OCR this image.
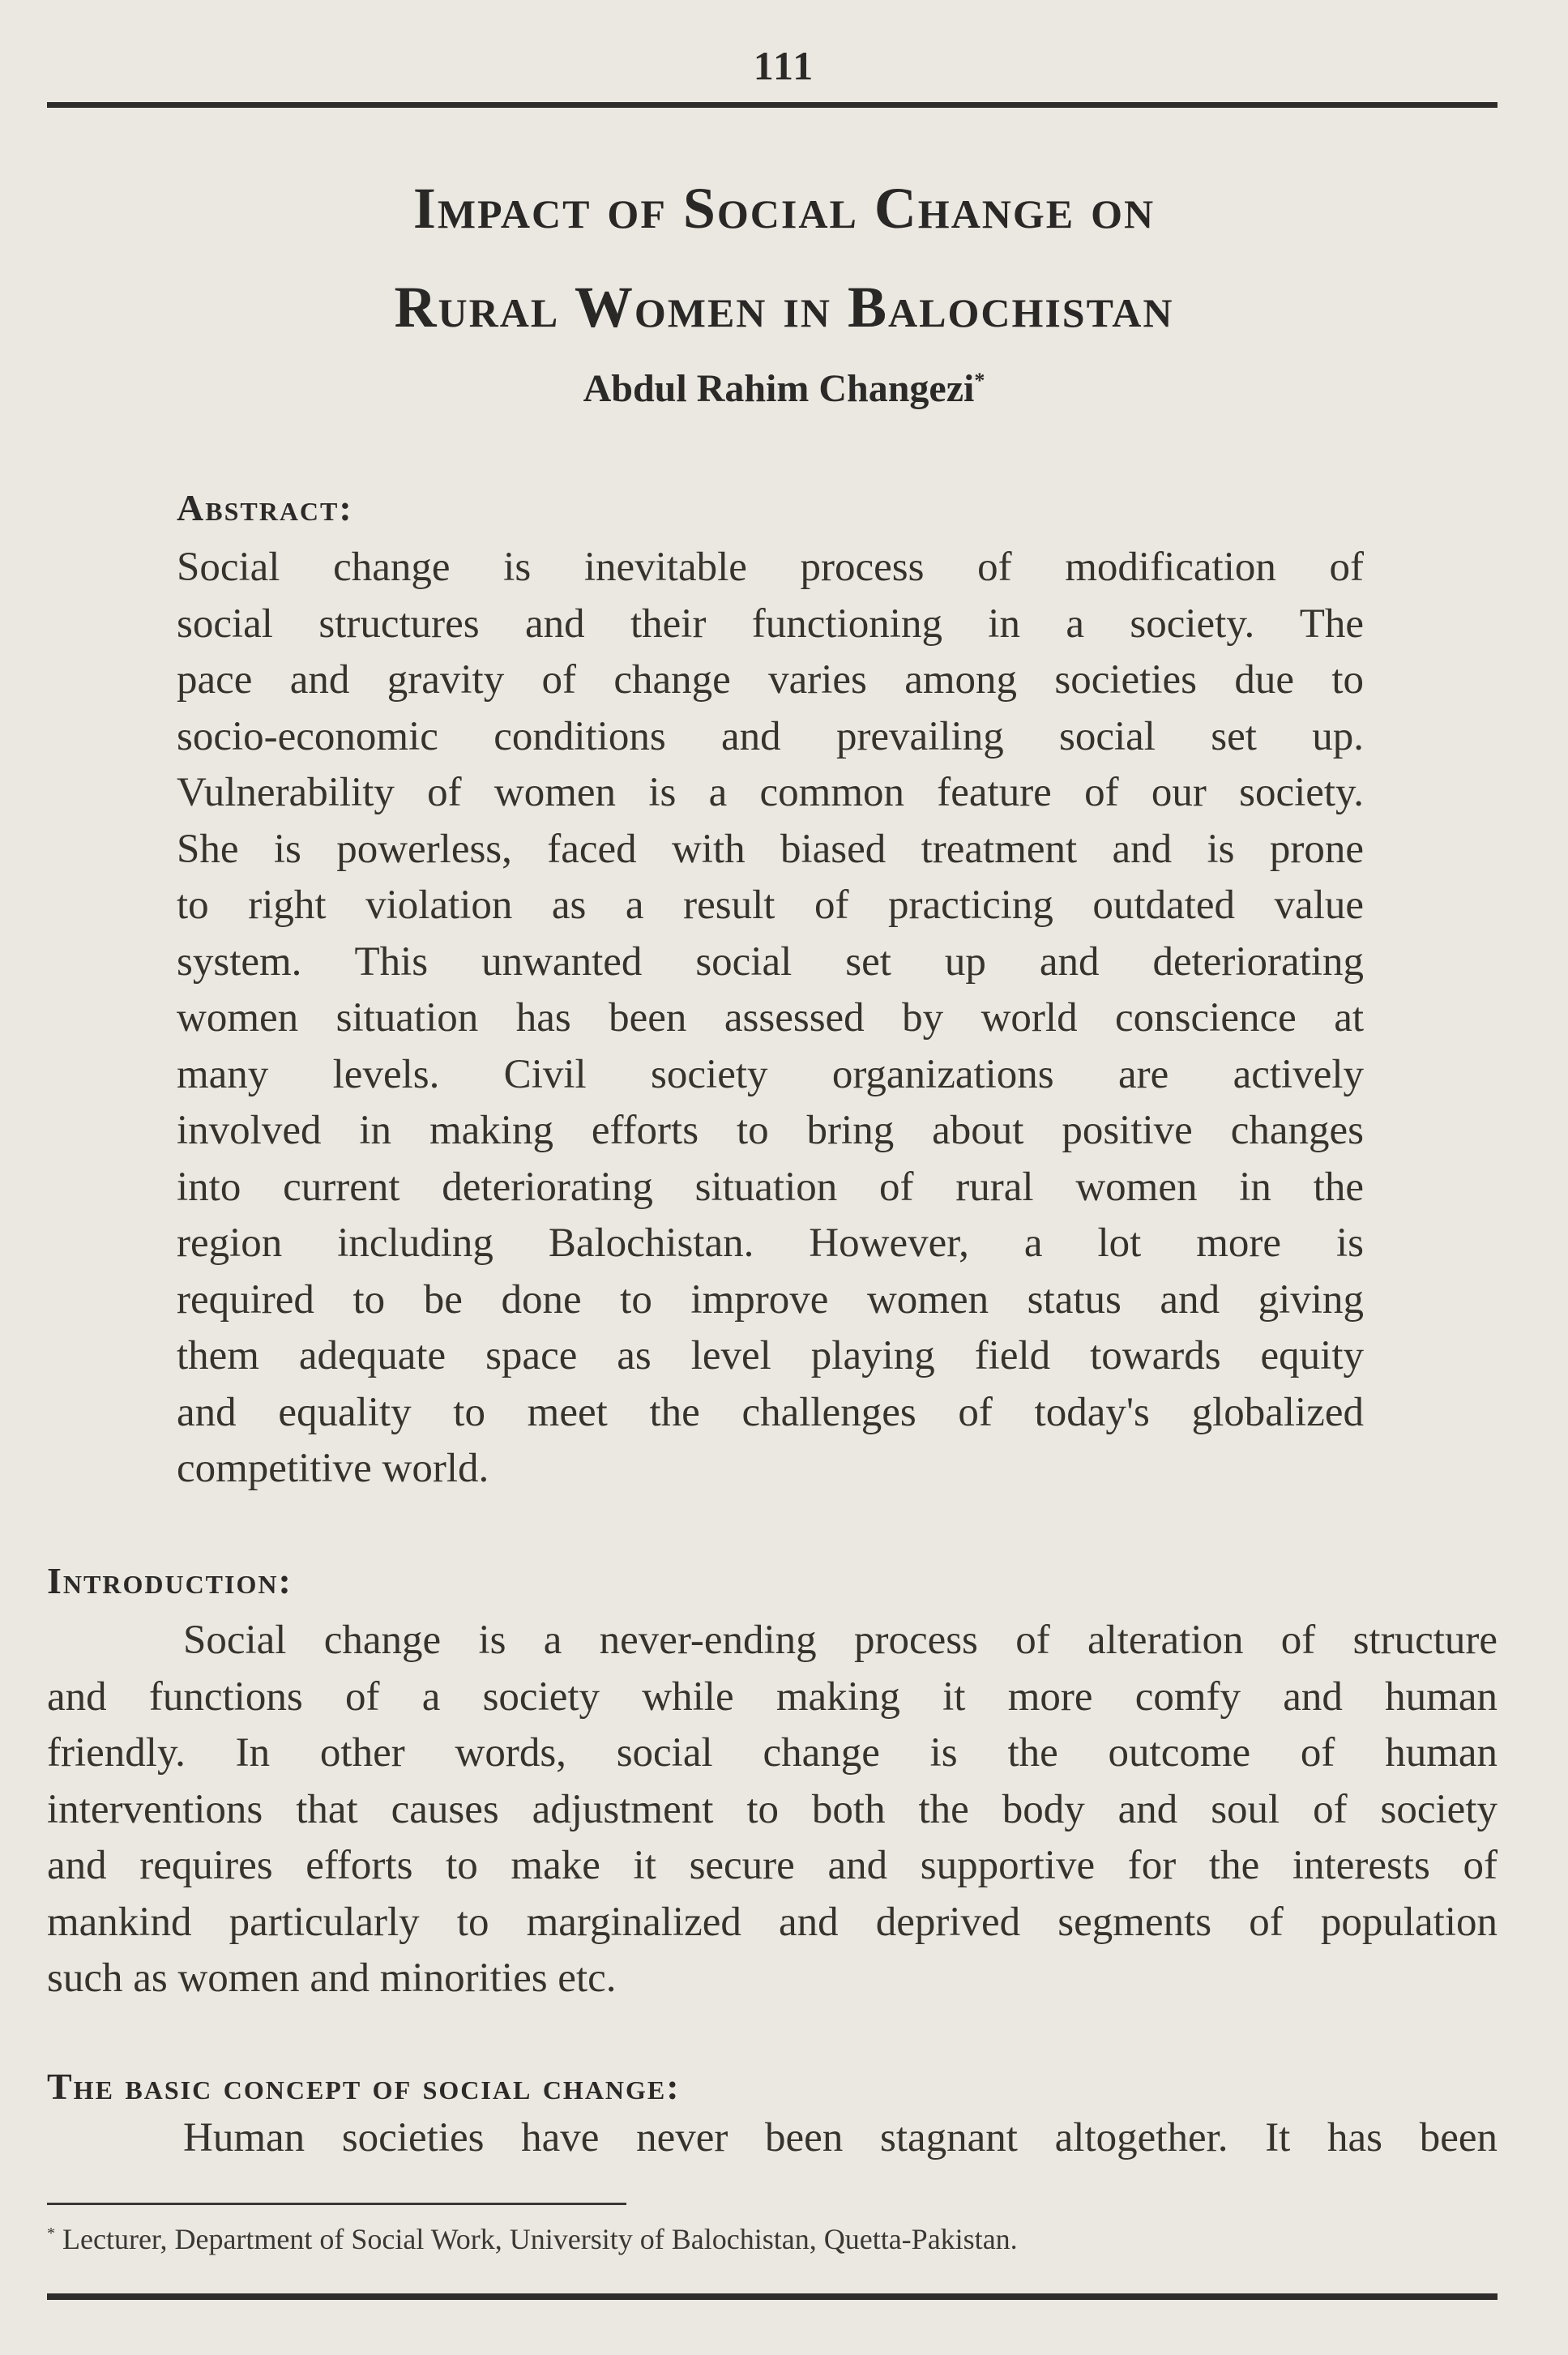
111
Impact of Social Change on
Rural Women in Balochistan
Abdul Rahim Changezi*
Abstract:
Social change is inevitable process of modification of
social structures and their functioning in a society. The
pace and gravity of change varies among societies due to
socio-economic conditions and prevailing social set up.
Vulnerability of women is a common feature of our society.
She is powerless, faced with biased treatment and is prone
to right violation as a result of practicing outdated value
system. This unwanted social set up and deteriorating
women situation has been assessed by world conscience at
many levels. Civil society organizations are actively
involved in making efforts to bring about positive changes
into current deteriorating situation of rural women in the
region including Balochistan. However, a lot more is
required to be done to improve women status and giving
them adequate space as level playing field towards equity
and equality to meet the challenges of today's globalized
competitive world.
Introduction:
Social change is a never-ending process of alteration of structure
and functions of a society while making it more comfy and human
friendly. In other words, social change is the outcome of human
interventions that causes adjustment to both the body and soul of society
and requires efforts to make it secure and supportive for the interests of
mankind particularly to marginalized and deprived segments of population
such as women and minorities etc.
The basic concept of social change:
Human societies have never been stagnant altogether. It has been
* Lecturer, Department of Social Work, University of Balochistan, Quetta-Pakistan.
